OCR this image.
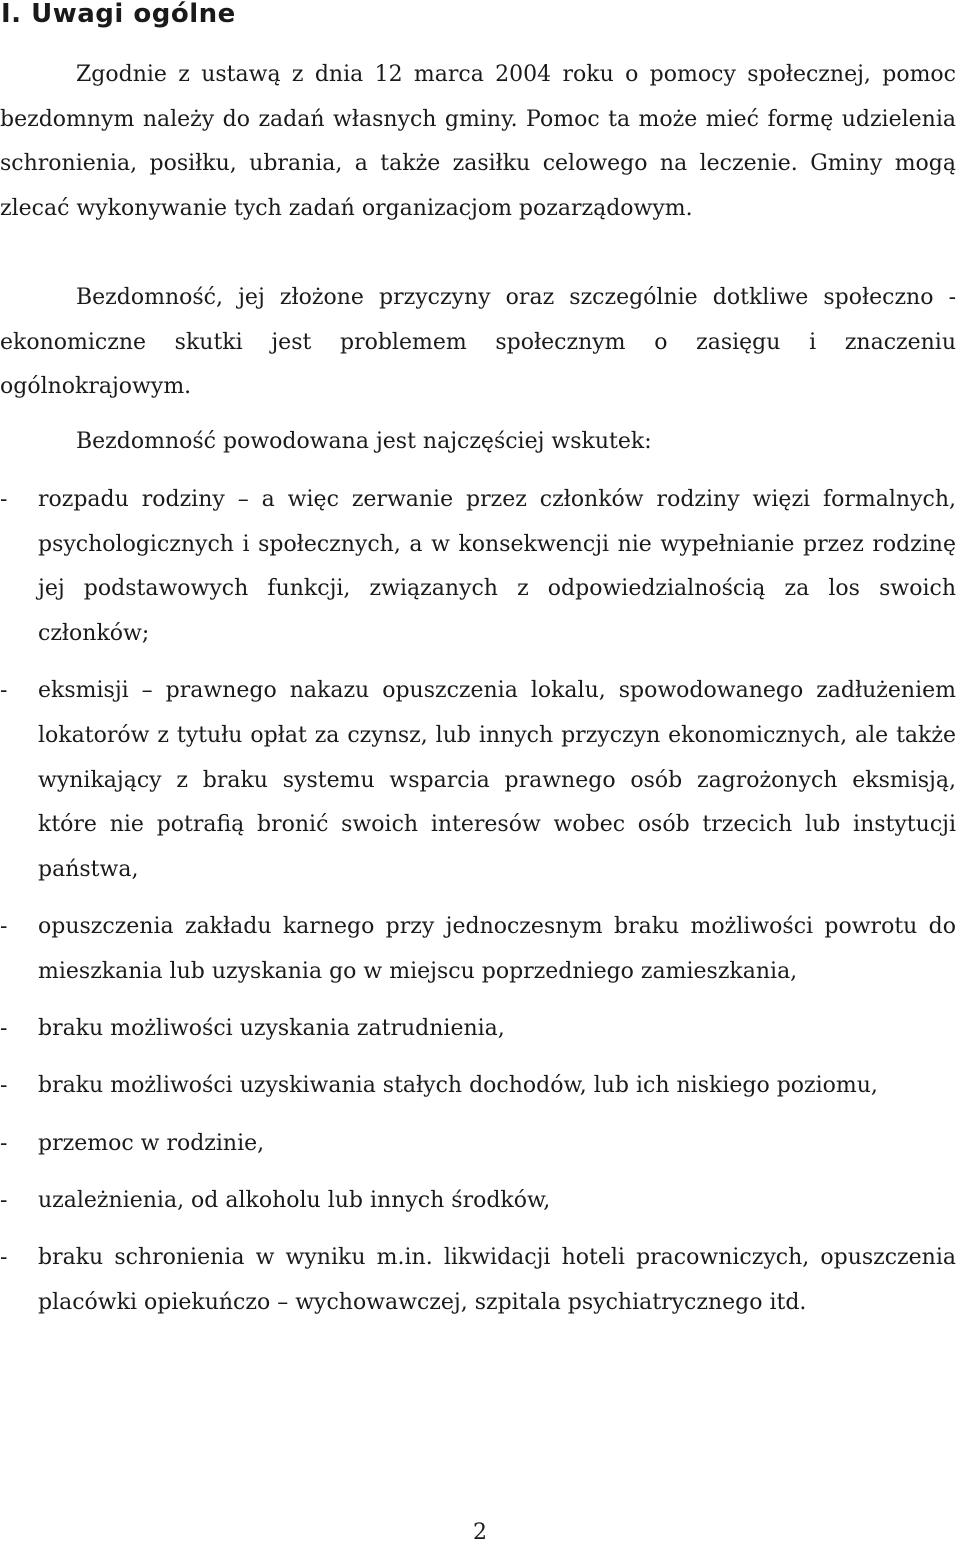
I. Uwagi ogólne

Zgodnie z ustawą z dnia 12 marca 2004 roku o pomocy społecznej, pomoc bezdomnym należy do zadań własnych gminy. Pomoc ta może mieć formę udzielenia schronienia, posiłku, ubrania, a także zasiłku celowego na leczenie. Gminy mogą zlecać wykonywanie tych zadań organizacjom pozarządowym.

Bezdomność, jej złożone przyczyny oraz szczególnie dotkliwe społeczno - ekonomiczne skutki jest problemem społecznym o zasięgu i znaczeniu ogólnokrajowym.

Bezdomność powodowana jest najczęściej wskutek:

- rozpadu rodziny – a więc zerwanie przez członków rodziny więzi formalnych, psychologicznych i społecznych, a w konsekwencji nie wypełnianie przez rodzinę jej podstawowych funkcji, związanych z odpowiedzialnością za los swoich członków;
- eksmisji – prawnego nakazu opuszczenia lokalu, spowodowanego zadłużeniem lokatorów z tytułu opłat za czynsz, lub innych przyczyn ekonomicznych, ale także wynikający z braku systemu wsparcia prawnego osób zagrożonych eksmisją, które nie potrafią bronić swoich interesów wobec osób trzecich lub instytucji państwa,
- opuszczenia zakładu karnego przy jednoczesnym braku możliwości powrotu do mieszkania lub uzyskania go w miejscu poprzedniego zamieszkania,
- braku możliwości uzyskania zatrudnienia,
- braku możliwości uzyskiwania stałych dochodów, lub ich niskiego poziomu,
- przemoc w rodzinie,
- uzależnienia, od alkoholu lub innych środków,
- braku schronienia w wyniku m.in. likwidacji hoteli pracowniczych, opuszczenia placówki opiekuńczo – wychowawczej, szpitala psychiatrycznego itd.
2
